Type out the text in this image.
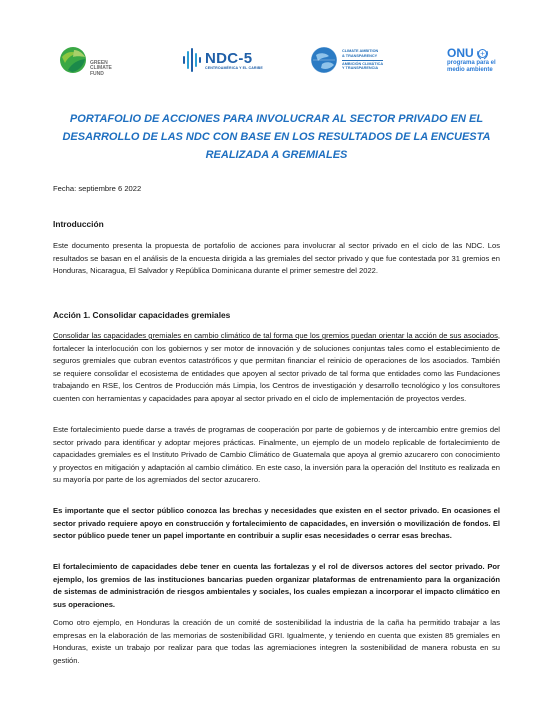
GREEN
CLIMATE
FUND
NDC-5
CENTROAMÉRICA Y EL CARIBE
CLIMATE AMBITION
& TRANSPARENCY
AMBICIÓN CLIMÁTICA
Y TRANSPARENCIA
ONU
programa para el
medio ambiente
PORTAFOLIO DE ACCIONES PARA INVOLUCRAR AL SECTOR PRIVADO EN EL DESARROLLO DE LAS NDC CON BASE EN LOS RESULTADOS DE LA ENCUESTA REALIZADA A GREMIALES

Fecha: septiembre 6 2022

Introducción

Este documento presenta la propuesta de portafolio de acciones para involucrar al sector privado en el ciclo de las NDC. Los resultados se basan en el análisis de la encuesta dirigida a las gremiales del sector privado y que fue contestada por 31 gremios en Honduras, Nicaragua, El Salvador y República Dominicana durante el primer semestre del 2022.

Acción 1. Consolidar capacidades gremiales

Consolidar las capacidades gremiales en cambio climático de tal forma que los gremios puedan orientar la acción de sus asociados, fortalecer la interlocución con los gobiernos y ser motor de innovación y de soluciones conjuntas tales como el establecimiento de seguros gremiales que cubran eventos catastróficos y que permitan financiar el reinicio de operaciones de los asociados. También se requiere consolidar el ecosistema de entidades que apoyen al sector privado de tal forma que entidades como las Fundaciones trabajando en RSE, los Centros de Producción más Limpia, los Centros de investigación y desarrollo tecnológico y los consultores cuenten con herramientas y capacidades para apoyar al sector privado en el ciclo de implementación de proyectos verdes.

Este fortalecimiento puede darse a través de programas de cooperación por parte de gobiernos y de intercambio entre gremios del sector privado para identificar y adoptar mejores prácticas. Finalmente, un ejemplo de un modelo replicable de fortalecimiento de capacidades gremiales es el Instituto Privado de Cambio Climático de Guatemala que apoya al gremio azucarero con conocimiento y proyectos en mitigación y adaptación al cambio climático. En este caso, la inversión para la operación del Instituto es realizada en su mayoría por parte de los agremiados del sector azucarero.

Es importante que el sector público conozca las brechas y necesidades que existen en el sector privado. En ocasiones el sector privado requiere apoyo en construcción y fortalecimiento de capacidades, en inversión o movilización de fondos. El sector público puede tener un papel importante en contribuir a suplir esas necesidades o cerrar esas brechas.

El fortalecimiento de capacidades debe tener en cuenta las fortalezas y el rol de diversos actores del sector privado. Por ejemplo, los gremios de las instituciones bancarias pueden organizar plataformas de entrenamiento para la organización de sistemas de administración de riesgos ambientales y sociales, los cuales empiezan a incorporar el impacto climático en sus operaciones.

Como otro ejemplo, en Honduras la creación de un comité de sostenibilidad la industria de la caña ha permitido trabajar a las empresas en la elaboración de las memorias de sostenibilidad GRI. Igualmente, y teniendo en cuenta que existen 85 gremiales en Honduras, existe un trabajo por realizar para que todas las agremiaciones integren la sostenibilidad de manera robusta en su gestión.
